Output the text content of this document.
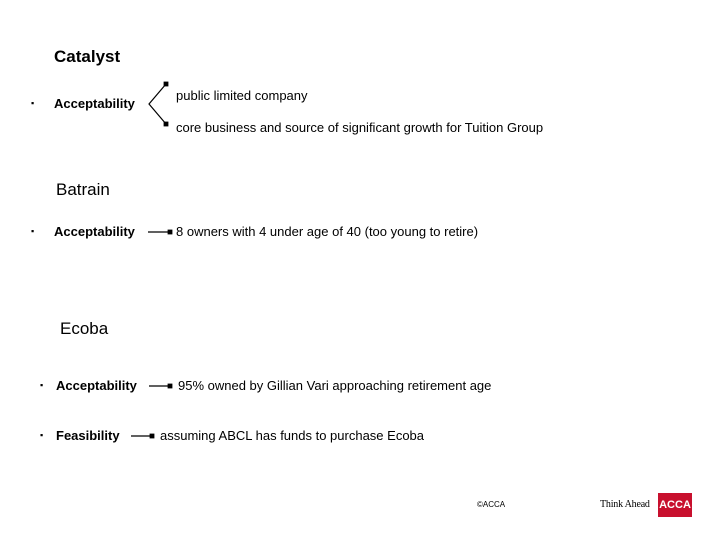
Catalyst
▪ Acceptability
public limited company
core business and source of significant growth for Tuition Group
Batrain
▪ Acceptability	8 owners with 4 under age of 40 (too young to retire)
Ecoba
▪ Acceptability	95% owned by Gillian Vari approaching retirement age
▪ Feasibility	assuming ABCL has funds to purchase Ecoba
©ACCA	Think Ahead ACCA
